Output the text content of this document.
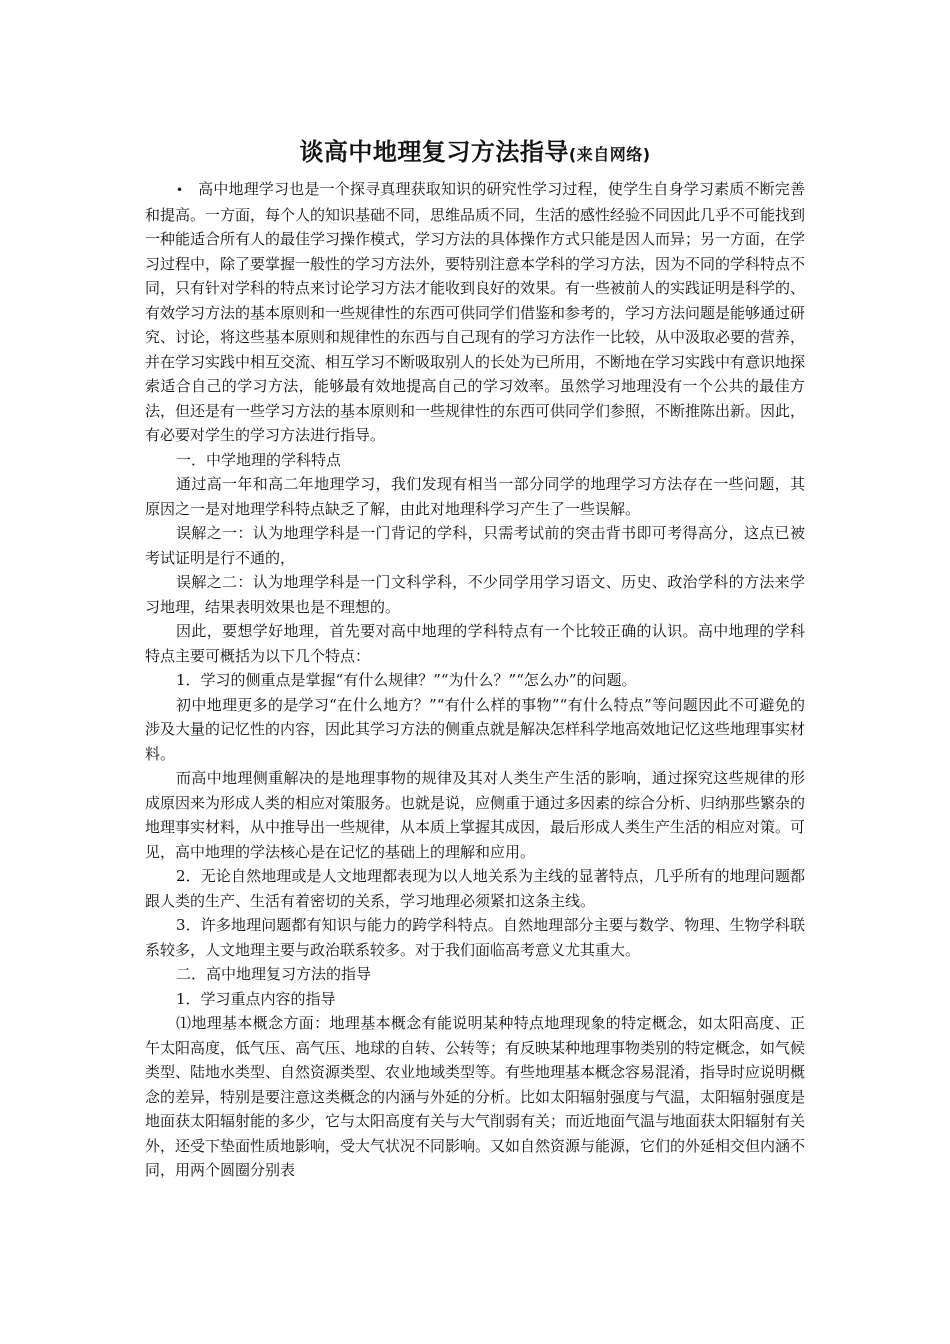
谈高中地理复习方法指导(来自网络)

• 高中地理学习也是一个探寻真理获取知识的研究性学习过程，使学生自身学习素质不断完善和提高。一方面，每个人的知识基础不同，思维品质不同，生活的感性经验不同因此几乎不可能找到一种能适合所有人的最佳学习操作模式，学习方法的具体操作方式只能是因人而异；另一方面，在学习过程中，除了要掌握一般性的学习方法外，要特别注意本学科的学习方法，因为不同的学科特点不同，只有针对学科的特点来讨论学习方法才能收到良好的效果。有一些被前人的实践证明是科学的、有效学习方法的基本原则和一些规律性的东西可供同学们借鉴和参考的，学习方法问题是能够通过研究、讨论，将这些基本原则和规律性的东西与自己现有的学习方法作一比较，从中汲取必要的营养，并在学习实践中相互交流、相互学习不断吸取别人的长处为已所用，不断地在学习实践中有意识地探索适合自己的学习方法，能够最有效地提高自己的学习效率。虽然学习地理没有一个公共的最佳方法，但还是有一些学习方法的基本原则和一些规律性的东西可供同学们参照，不断推陈出新。因此，有必要对学生的学习方法进行指导。

一．中学地理的学科特点

通过高一年和高二年地理学习，我们发现有相当一部分同学的地理学习方法存在一些问题，其原因之一是对地理学科特点缺乏了解，由此对地理科学习产生了一些误解。

误解之一：认为地理学科是一门背记的学科，只需考试前的突击背书即可考得高分，这点已被考试证明是行不通的，

误解之二：认为地理学科是一门文科学科，不少同学用学习语文、历史、政治学科的方法来学习地理，结果表明效果也是不理想的。

因此，要想学好地理，首先要对高中地理的学科特点有一个比较正确的认识。高中地理的学科特点主要可概括为以下几个特点：

1．学习的侧重点是掌握“有什么规律？”“为什么？”“怎么办”的问题。

初中地理更多的是学习“在什么地方？”“有什么样的事物”“有什么特点”等问题因此不可避免的涉及大量的记忆性的内容，因此其学习方法的侧重点就是解决怎样科学地高效地记忆这些地理事实材料。

而高中地理侧重解决的是地理事物的规律及其对人类生产生活的影响，通过探究这些规律的形成原因来为形成人类的相应对策服务。也就是说，应侧重于通过多因素的综合分析、归纳那些繁杂的地理事实材料，从中推导出一些规律，从本质上掌握其成因，最后形成人类生产生活的相应对策。可见，高中地理的学法核心是在记忆的基础上的理解和应用。

2．无论自然地理或是人文地理都表现为以人地关系为主线的显著特点，几乎所有的地理问题都跟人类的生产、生活有着密切的关系，学习地理必须紧扣这条主线。

3．许多地理问题都有知识与能力的跨学科特点。自然地理部分主要与数学、物理、生物学科联系较多，人文地理主要与政治联系较多。对于我们面临高考意义尤其重大。

二．高中地理复习方法的指导

1．学习重点内容的指导

⑴地理基本概念方面：地理基本概念有能说明某种特点地理现象的特定概念，如太阳高度、正午太阳高度，低气压、高气压、地球的自转、公转等；有反映某种地理事物类别的特定概念，如气候类型、陆地水类型、自然资源类型、农业地域类型等。有些地理基本概念容易混淆，指导时应说明概念的差异，特别是要注意这类概念的内涵与外延的分析。比如太阳辐射强度与气温，太阳辐射强度是地面获太阳辐射能的多少，它与太阳高度有关与大气削弱有关；而近地面气温与地面获太阳辐射有关外，还受下垫面性质地影响，受大气状况不同影响。又如自然资源与能源，它们的外延相交但内涵不同，用两个圆圈分别表
